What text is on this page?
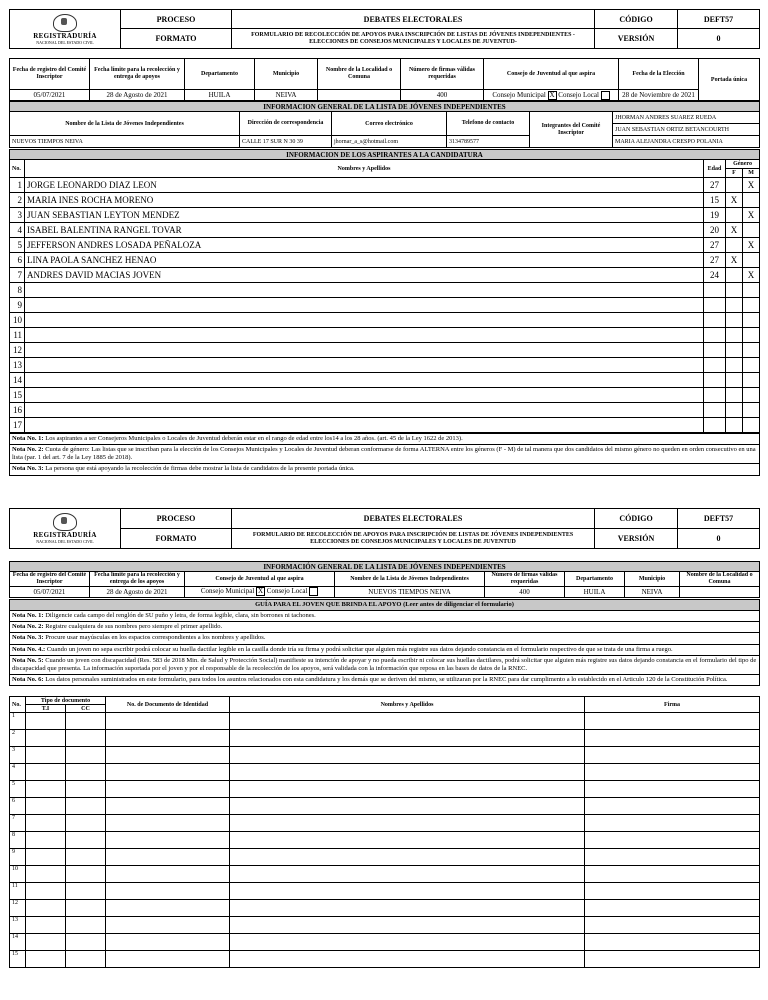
REGISTRADURÍA
NACIONAL DEL ESTADO CIVIL	PROCESO	DEBATES ELECTORALES	CÓDIGO	DEFT57
	FORMATO	FORMULARIO DE RECOLECCIÓN DE APOYOS PARA INSCRIPCIÓN DE LISTAS DE JÓVENES INDEPENDIENTES -ELECCIONES DE CONSEJOS MUNICIPALES Y LOCALES DE JUVENTUD-	VERSIÓN	0
Fecha de registro del Comité Inscriptor	Fecha límite para la recolección y entrega de apoyos	Departamento	Municipio	Nombre de la Localidad o Comuna	Número de firmas válidas requeridas	Consejo de Juventud al que aspira	Fecha de la Elección	Portada única
05/07/2021	28 de Agosto de 2021	HUILA	NEIVA		400	Consejo Municipal X Consejo Local	28 de Noviembre de 2021	
INFORMACION GENERAL DE LA LISTA DE JÓVENES INDEPENDIENTES					
Nombre de la Lista de Jóvenes Independientes	Dirección de correspondencia	Correo electrónico	Telefono de contacto	Integrantes del Comité Inscriptor	JHORMAN ANDRES SUAREZ RUEDA
					JUAN SEBASTIAN ORTIZ BETANCOURTH
NUEVOS TIEMPOS NEIVA	CALLE 17 SUR N 30 39	jhornar_a_s@hotmail.com	3134789577		MARIA ALEJANDRA CRESPO POLANIA
INFORMACION DE LOS ASPIRANTES A LA CANDIDATURA				
No.	Nombres y Apellidos	Edad	Género	
			F	M
1	JORGE LEONARDO DIAZ LEON	27		X
2	MARIA INES ROCHA MORENO	15	X	
3	JUAN SEBASTIAN LEYTON MENDEZ	19		X
4	ISABEL BALENTINA RANGEL TOVAR	20	X	
5	JEFFERSON ANDRES LOSADA PEÑALOZA	27		X
6	LINA PAOLA SANCHEZ HENAO	27	X	
7	ANDRES DAVID MACIAS JOVEN	24		X
8				
9				
10				
11				
12				
13				
14				
15				
16				
17				
Nota No. 1: Los aspirantes a ser Consejeros Municipales o Locales de Juventud deberán estar en el rango de edad entre los14 a los 28 años. (art. 45 de la Ley 1622 de 2013).
Nota No. 2: Cuota de género: Las listas que se inscriban para la elección de los Consejos Municipales y Locales de Juventud deberan conformarse de forma ALTERNA entre los géneros (F - M) de tal manera que dos candidatos del mismo género no queden en orden consecutivo en una lista (par. 1 del art. 7 de la Ley 1885 de 2018).
Nota No. 3: La persona que está apoyando la recolección de firmas debe mostrar la lista de candidatos de la presente portada única.
REGISTRADURÍA
NACIONAL DEL ESTADO CIVIL	PROCESO	DEBATES ELECTORALES	CÓDIGO	DEFT57
	FORMATO	FORMULARIO DE RECOLECCIÓN DE APOYOS PARA INSCRIPCIÓN DE LISTAS DE JÓVENES INDEPENDIENTES ELECCIONES DE CONSEJOS MUNICIPALES Y LOCALES DE JUVENTUD	VERSIÓN	0
INFORMACIÓN GENERAL DE LA LISTA DE JÓVENES INDEPENDIENTES							
Fecha de registro del Comité Inscriptor	Fecha límite para la recolección y entrega de los apoyos	Consejo de Juventud al que aspira	Nombre de la Lista de Jóvenes Independientes	Número de firmas válidas requeridas	Departamento	Municipio	Nombre de la Localidad o Comuna
05/07/2021	28 de Agosto de 2021	Consejo Municipal X Consejo Local	NUEVOS TIEMPOS NEIVA	400	HUILA	NEIVA	
GUÍA PARA EL JOVEN QUE BRINDA EL APOYO (Leer antes de diligenciar el formulario)
Nota No. 1: Diligencie cada campo del renglón de SU puño y letra, de forma legible, clara, sin borrones ni tachones.
Nota No. 2: Registre cualquiera de sus nombres pero siempre el primer apellido.
Nota No. 3: Procure usar mayúsculas en los espacios correspondientes a los nombres y apellidos.
Nota No. 4.: Cuando un joven no sepa escribir podrá colocar su huella dactilar legible en la casilla donde iría su firma y podrá solicitar que alguien más registre sus datos dejando constancia en el formulario respectivo de que se trata de una firma a ruego.
Nota No. 5: Cuando un joven con discapacidad (Res. 583 de 2018 Min. de Salud y Protección Social) manifieste su intención de apoyar y no pueda escribir ni colocar sus huellas dactilares, podrá solicitar que alguien más registre sus datos dejando constancia en el formulario del tipo de discapacidad que presenta. La información suportada por el joven y por el responsable de la recolección de los apoyos, será validada con la información que reposa en las bases de datos de la RNEC.
Nota No. 6: Los datos personales suministrados en este formulario, para todos los asuntos relacionados con esta candidatura y los demás que se deriven del mismo, se utilizaran por la RNEC para dar cumplimento a lo establecido en el Articulo 120 de la Constitución Política.
No.	Tipo de documento		No. de Documento de Identidad	Nombres y Apellidos	Firma
	T.I	CC			
1					
2					
3					
4					
5					
6					
7					
8					
9					
10					
11					
12					
13					
14					
15					
